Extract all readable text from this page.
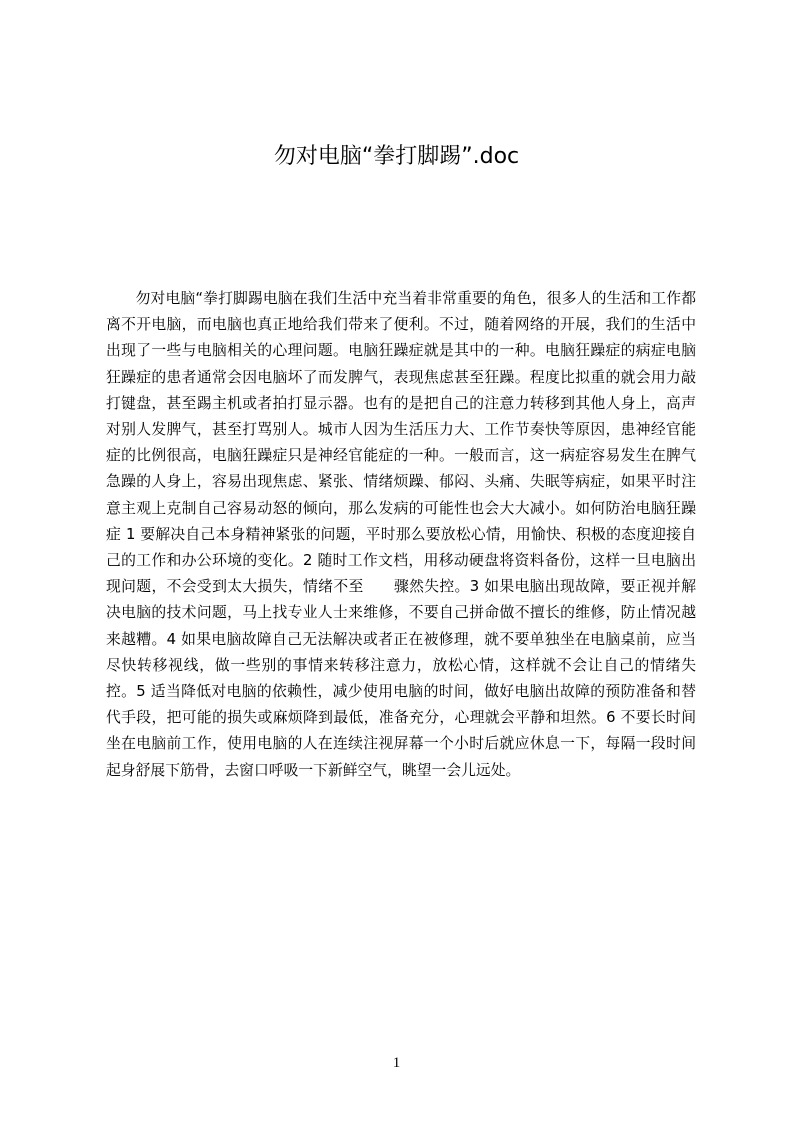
勿对电脑“拳打脚踢”.doc
勿对电脑“拳打脚踢电脑在我们生活中充当着非常重要的角色，很多人的生活和工作都离不开电脑，而电脑也真正地给我们带来了便利。不过，随着网络的开展，我们的生活中出现了一些与电脑相关的心理问题。电脑狂躁症就是其中的一种。电脑狂躁症的病症电脑狂躁症的患者通常会因电脑坏了而发脾气，表现焦虑甚至狂躁。程度比拟重的就会用力敲打键盘，甚至踢主机或者拍打显示器。也有的是把自己的注意力转移到其他人身上，高声对别人发脾气，甚至打骂别人。城市人因为生活压力大、工作节奏快等原因，患神经官能症的比例很高，电脑狂躁症只是神经官能症的一种。一般而言，这一病症容易发生在脾气急躁的人身上，容易出现焦虑、紧张、情绪烦躁、郁闷、头痛、失眠等病症，如果平时注意主观上克制自己容易动怒的倾向，那么发病的可能性也会大大减小。如何防治电脑狂躁症 1 要解决自己本身精神紧张的问题，平时那么要放松心情，用愉快、积极的态度迎接自己的工作和办公环境的变化。2 随时工作文档，用移动硬盘将资料备份，这样一旦电脑出现问题，不会受到太大损失，情绪不至　　骤然失控。3 如果电脑出现故障，要正视并解决电脑的技术问题，马上找专业人士来维修，不要自己拼命做不擅长的维修，防止情况越来越糟。4 如果电脑故障自己无法解决或者正在被修理，就不要单独坐在电脑桌前，应当尽快转移视线，做一些别的事情来转移注意力，放松心情，这样就不会让自己的情绪失控。5 适当降低对电脑的依赖性，减少使用电脑的时间，做好电脑出故障的预防准备和替代手段，把可能的损失或麻烦降到最低，准备充分，心理就会平静和坦然。6 不要长时间坐在电脑前工作，使用电脑的人在连续注视屏幕一个小时后就应休息一下，每隔一段时间起身舒展下筋骨，去窗口呼吸一下新鲜空气，眺望一会儿远处。
1
